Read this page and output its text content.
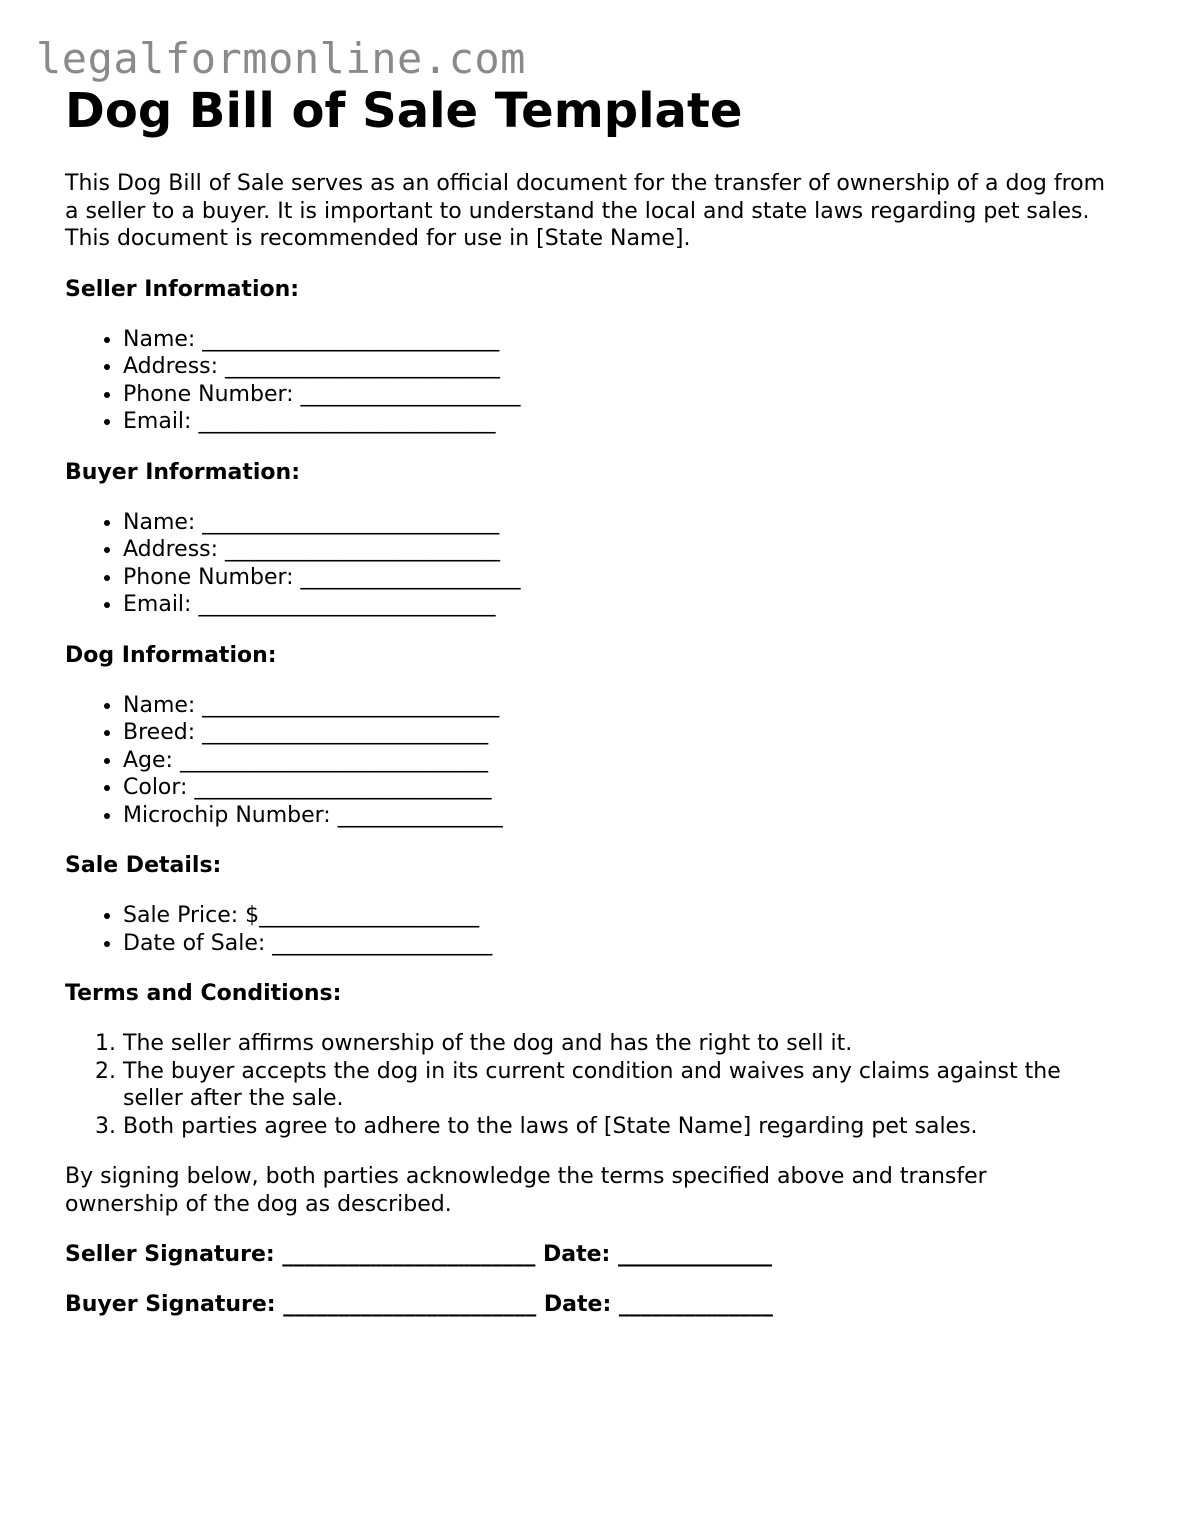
legalformonline.com
Dog Bill of Sale Template

This Dog Bill of Sale serves as an official document for the transfer of ownership of a dog from a seller to a buyer. It is important to understand the local and state laws regarding pet sales. This document is recommended for use in [State Name].

Seller Information:
• Name: ___________________________
• Address: _________________________
• Phone Number: ____________________
• Email: ___________________________
Buyer Information:
• Name: ___________________________
• Address: _________________________
• Phone Number: ____________________
• Email: ___________________________
Dog Information:
• Name: ___________________________
• Breed: __________________________
• Age: ____________________________
• Color: ___________________________
• Microchip Number: _______________
Sale Details:
• Sale Price: $____________________
• Date of Sale: ____________________
Terms and Conditions:
1. The seller affirms ownership of the dog and has the right to sell it.
2. The buyer accepts the dog in its current condition and waives any claims against the seller after the sale.
3. Both parties agree to adhere to the laws of [State Name] regarding pet sales.

By signing below, both parties acknowledge the terms specified above and transfer ownership of the dog as described.

Seller Signature: _______________________ Date: ______________
Buyer Signature: _______________________ Date: ______________
